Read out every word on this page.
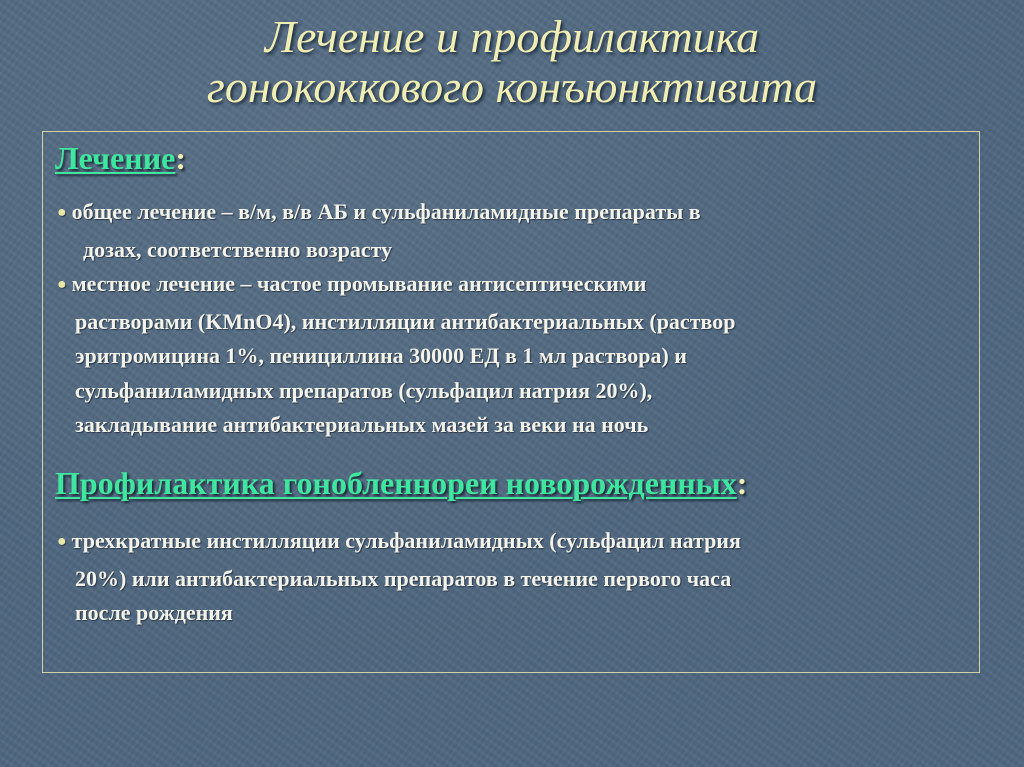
Лечение и профилактика
гонококкового конъюнктивита
Лечение:
● общее лечение – в/м, в/в АБ и сульфаниламидные препараты в
дозах, соответственно возрасту
● местное лечение – частое промывание антисептическими
растворами (KMnO4), инстилляции антибактериальных (раствор
эритромицина 1%, пенициллина 30000 ЕД в 1 мл раствора) и
сульфаниламидных препаратов (сульфацил натрия 20%),
закладывание антибактериальных мазей за веки на ночь
Профилактика гонобленнореи новорожденных:
● трехкратные инстилляции сульфаниламидных (сульфацил натрия
20%) или антибактериальных препаратов в течение первого часа
после рождения
